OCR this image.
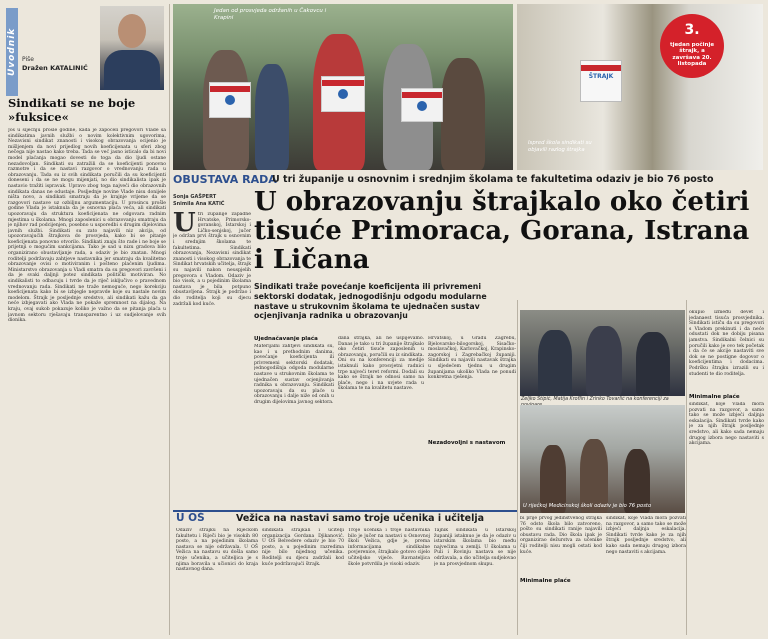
Uvodnik Piše
Dražen KATALINIĆ
Sindikati se ne boje »fuksice«
Još u siječnju prošle godine, kada je započeli pregovori Vlade sa sindikatima javnih službi o novim kolektivnim ugovorima, Nezavisni sindikat znanosti i visokog obrazovanja ocijenio je mišljenjem da novi prijedlog novih koeficijenata u sferi zbog nečega nije nastao kako treba. Tada se već jasno isticalo da bi novi model plaćanja mogao dovesti do toga da dio ljudi ostane nezadovoljan. Sindikati su zatražili da se koeficijenti ponovno razmotre i da se nastavi razgovor o vrednovanju rada u obrazovanju. Tada su iz svih sindikata poručili da su koeficijenti doneseni i da se ne mogu mijenjati, no dio sindikalista ipak je nastavio tražiti ispravak. Upravo zbog toga najveći dio obrazovnih sindikata danas ne odustaje. Posljednje novine Vlade nisu donijele ništa novo, a sindikati smatraju da je krajnje vrijeme da se razgovori nastave uz ozbiljnu argumentaciju. U prosincu prošle godine Vlada je istaknula da je osnovna plaća veća, ali sindikati upozoravaju da struktura koeficijenata ne odgovara radnim mjestima u školama. Mnogi zaposlenici u obrazovanju smatraju da je njihov rad podcijenjen, posebno u usporedbi s drugim dijelovima javnih službi. Sindikati su zato najavili niz akcija, od upozoravajućih štrajkova do prosvjeda, kako bi se pitanje koeficijenata ponovno otvorilo. Sindikati znaju što rade i ne boje se prijetnji o mogućim sankcijama. Tako je sad u nizu gradova bilo organizirano obustavljanje rada, a odaziv je bio znatan. Mnogi roditelji podržavaju zahtjeve nastavnika jer smatraju da kvalitetno obrazovanje ovisi o motiviranim i pošteno plaćenim ljudima. Ministarstvo obrazovanja u Vladi smatra da su pregovori završeni i da je svaki daljnji potez sindikata politički motiviran. No sindikalisti to odbacuju i tvrde da je riječ isključivo o pravednom vrednovanju rada. Sindikati ne traže nemoguće, nego korekciju koeficijenata kako bi se izbjegle nepravde koje su nastale novim modelom. Štrajk je posljednje sredstvo, ali sindikati kažu da ga neće izbjegavati ako Vlada ne pokaže spremnost na dijalog. Na kraju, ovaj sukob pokazuje koliko je važno da se pitanja plaća u javnom sektoru rješavaju transparentno i uz sudjelovanje svih dionika.
Jedan od prosvjeda održanih u Čakovcu i Krapini
ŠTRAJK
Ispred škola sindikati su objavili razlog štrajka
3.
tjedan počinje štrajk, a završava 20. listopada
OBUSTAVA RADA
U tri županije u osnovnim i srednjim školama te fakultetima odaziv je bio 76 posto
Sonja GAŠPERT
Snimila Ana KATIĆ	U obrazovanju štrajkalo oko četiri tisuće Primoraca, Gorana, Istrana i Ličana
Sindikati traže povećanje koeficijenta ili privremeni sektorski dodatak, jednogodišnju odgodu modularne nastave u strukovnim školama te ujednačen sustav ocjenjivanja radnika u obrazovanju
U tri županije zapadne Hrvatske, Primorsko-goranskoj, Istarskoj i Ličko-senjskoj, jučer je održan prvi štrajk u osnovnim i srednjim školama te fakultetima. Sindikati obrazovanja, Nezavisni sindikat znanosti i visokog obrazovanja te Sindikat hrvatskih učitelja, štrajk su najavili nakon neuspjelih pregovora s Vladom. Odaziv je bio visok, a u pojedinim školama nastava je bila potpuno obustavljena. Štrajk je podržao i dio roditelja koji su djecu zadržali kod kuće.
Ujednačavanje plaća
Materijalni zahtjevi sindikata su, kao i u prethodnim danima, povećanje koeficijenta ili privremeni sektorski dodatak, jednogodišnja odgoda modularne nastave u strukovnim školama te ujednačen sustav ocjenjivanja radnika u obrazovanju. Sindikati upozoravaju da su plaće u obrazovanju i dalje niže od onih u drugim dijelovima javnog sektora.
dana štrajka, ali ne uspijevamo. Danas je tako u tri županije štrajkalo oko četiri tisuće zaposlenih u obrazovanju, poručili su iz sindikata. Oni su na konferenciji za medije istaknuli kako prosvjetni radnici trpe najveći teret reformi. Dodali su kako se štrajk ne odnosi samo na plaće, nego i na uvjete rada u školama te na kvalitetu nastave.
Hrvatskoj, u Gradu Zagrebu, Bjelovarsko-bilogorskoj, Sisačko-moslavačkoj, Karlovačkoj, Krapinsko-zagorskoj i Zagrebačkoj županiji. Sindikati su najavili nastavak štrajka u sljedećem tjednu u drugim županijama ukoliko Vlada ne ponudi konkretna rješenja.
Nezadovoljni s nastavom
Željko Stipić, Matija Kroflin i Zrinko Tovarlić na konferenciji za
U riječkoj Medicinskoj školi odaziv je bio 76 posto
okupio između devet i jedanaest tisuća prosvjednika. Sindikati ističu da su pregovori s Vladom prekinuti i da neće odustati dok ne dobiju pisana jamstva. Sindikalni čelnici su poručili kako je ovo tek početak i da će se akcije nastaviti sve dok se ne postigne dogovor o koeficijentima i dodacima. Podršku štrajku izrazili su i studenti te dio roditelja.
Minimalne plaće
sindikat, koje Vlada mora pozvati na razgovor, a samo tako se može izbjeći daljnja eskalacija. Sindikati tvrde kako je za njih štrajk posljednje sredstvo, ali kako sada nemaju drugog izbora nego nastaviti s akcijama.
bi prije prvog jedinstvenog štrajka 76 odsto škola bilo zatvoreno, pošto su sindikati ranije najavili obustavu rada. Dio škola ipak je organizirao dežurstva za učenike čiji roditelji nisu mogli ostati kod kuće.
Minimalne plaće
sindikat, koje Vlada mora pozvati na razgovor, a samo tako se može izbjeći daljnja eskalacija. Sindikati tvrde kako je za njih štrajk posljednje sredstvo, ali kako sada nemaju drugog izbora nego nastaviti s akcijama.
U OŠ	Vežica na nastavi samo troje učenika i učitelja
Odaziv štrajku na Riječkom fakultetu i Riječi bio je visokih 80 posto, a na pojedinim školama nastava se nije održavala. U OŠ Vežica na nastavu su došla samo troje učenika, a učiteljica je s njima boravila u učionici do kraja nastavnog dana.
sindikata štrajkali i učitelji organizacija Gordana Djikanović. U OŠ Belvedere odaziv je bio 70 posto, a u pojedinim razredima nije bilo nijednog učenika. Roditelji su djecu zadržali kod kuće podržavajući štrajk.
Troje učenika i troje nastavnika bilo je jučer na nastavi u Osnovnoj školi Vežica, gdje je, prema informacijama sindikalne povjerenice, štrajkalo gotovo cijelo učiteljsko vijeće. Ravnateljica škole potvrdila je visoki odaziv.
Tajnik sindikata u Istarskoj županiji istaknuo je da je odaziv u istarskim školama bio među najvećima u zemlji. U školama u Puli i Rovinju nastava se nije održavala, a dio učitelja sudjelovao je na prosvjednom skupu.
